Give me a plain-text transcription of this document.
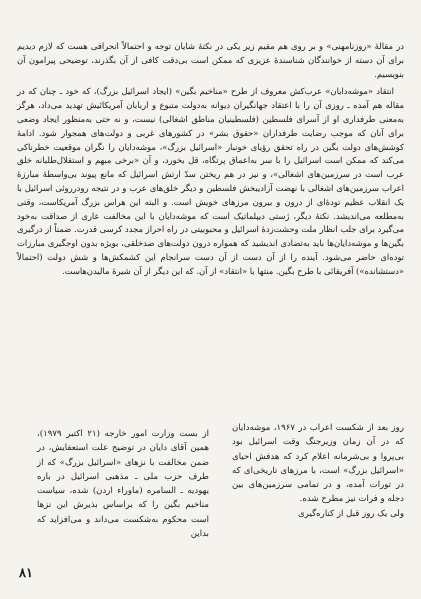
در مقالهٔ «روزنامهنی» و بر روی هم مقیم زیر یکی در نکتهٔ شایان توجه و احتمالاً انحرافی هست که لازم دیدیم برای آن دسته از خوانندگان شناسندهٔ عزیزی که ممکن است بی‌دقت کافی از آن بگذرند، توضیحی پیرامون آن بنویسیم.

انتقاد «موشه‌دایان» عرب‌کش معروف از طرح «مناخیم بگین» (ایجاد اسرائیل بزرگ)، که خود ـ چنان که در مقاله هم آمده ـ روزی آن را با اعتقاد جهانگیران دیوانه به‌دولت متبوع و اربابان آمریکائیش تهدید می‌داد، هرگز به‌معنی طرفداری او از آسرای فلسطین (فلسطینیان مناطق اشغالی) نیست، و نه حتی به‌منظور ایجاد وضعی برای آنان که موجب رضایت طرفداران «حقوق بشر» در کشورهای غربی و دولت‌های همجوار شود. ادامهٔ کوشش‌های دولت بگین در راه تحقق رؤیای خونبار «اسرائیل بزرگ»، موشه‌دایان را نگران موقعیت خطرناکی می‌کند که ممکن است اسرائیل را با سر به‌اعماق پرتگاه، قل بخورد، و آن «برخی مبهم و استقلال‌طلبانه خلق عرب است در سرزمین‌های اشغالی»، و نیز در هم ریختن سدّ ارتش اسرائیل که مانع پیوند بی‌واسطهٔ مبارزهٔ اعراب سرزمین‌های اشغالی با نهضت آزادیبخش فلسطین و دیگر خلق‌های عرب و در نتیجه رودرروئی اسرائیل با یک انقلاب عظیم تودهٔ‌ای از درون و بیرون مرزهای خویش است. و البته این هراس بزرگ آمریکاست، وقتی به‌مطلعه می‌اندیشد. نکتهٔ دیگر، ژستی دیپلماتیک است که موشه‌دایان با این مخالفت عاری از صداقت به‌خود می‌گیرد برای جلب انظار ملت وحشت‌زدهٔ اسرائیل و محبوبیتی در راه احراز مجدد کرسی قدرت. ضمناً از درگیری بگین‌ها و موشه‌دایان‌ها باید به‌تضادی اندیشید که همواره درون دولت‌های ضدخلقی، بویژه بدون اوجگیری مبارزات توده‌ای حاضر می‌شود. آینده را از آن دست از آن دست سرانجام این کشمکش‌ها و شش دولت (احتمالاً «دستشانده») آفریقائی با طرح بگین. منتها با «انتقاد» از آن. که این دیگر از آن شیرهٔ مالیدن‌هاست.

روز بعد از شکست اعراب در ۱۹۶۷، موشه‌دایان که در آن زمان وزیرجنگ وقت اسرائیل بود بی‌پروا و بی‌شرمانه اعلام کرد که هدفش احیای «اسرائیل بزرگ» است، با مرزهای تاریخی‌ای که در تورات آمده، و در تمامی سرزمین‌های بین دجله و فرات نیز مطرح شده.

ولی یک روز قبل از کناره‌گیری

از بست وزارت امور خارجه (۲۱ اکتبر ۱۹۷۹)، همین آقای دایان در توضیح علت استعفایش، در ضمن مخالفت با نزهای «اسرائیل بزرگ» که از طرف حزب ملی ـ مذهبی اسرائیل در باره یهودیه ـ السامره (ماوراء اردن) شده، سیاست مناخیم بگین را که براساس بذیرش این نزها است محکوم به‌شکست می‌داند و می‌افزاید که بداین

۸۱
